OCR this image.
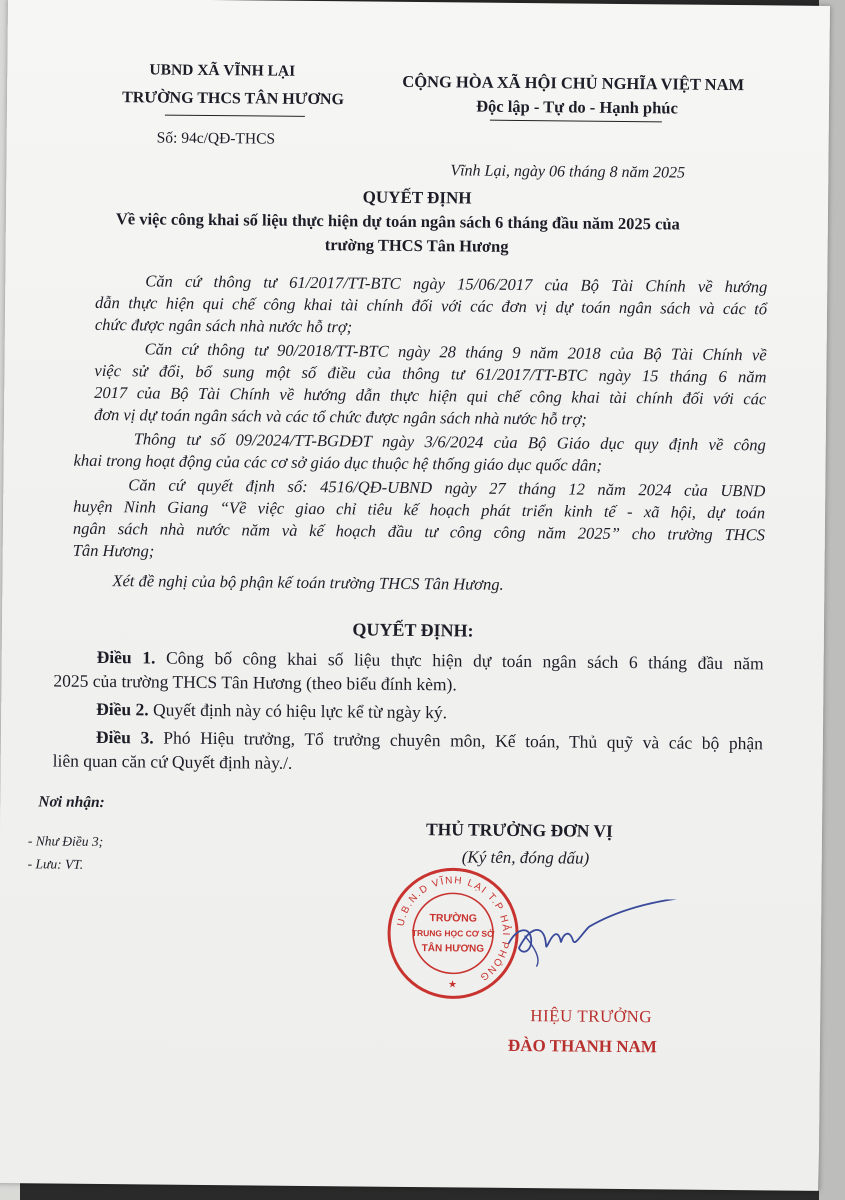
UBND XÃ VĨNH LẠI
TRƯỜNG THCS TÂN HƯƠNG
Số: 94c/QĐ-THCS
CỘNG HÒA XÃ HỘI CHỦ NGHĨA VIỆT NAM
Độc lập - Tự do - Hạnh phúc
Vĩnh Lại, ngày 06 tháng 8 năm 2025
QUYẾT ĐỊNH
Về việc công khai số liệu thực hiện dự toán ngân sách 6 tháng đầu năm 2025 của
trường THCS Tân Hương
Căn cứ thông tư 61/2017/TT-BTC ngày 15/06/2017 của Bộ Tài Chính về hướng
dẫn thực hiện qui chế công khai tài chính đối với các đơn vị dự toán ngân sách và các tổ
chức được ngân sách nhà nước hỗ trợ;
Căn cứ thông tư 90/2018/TT-BTC ngày 28 tháng 9 năm 2018 của Bộ Tài Chính về
việc sử đổi, bổ sung một số điều của thông tư 61/2017/TT-BTC ngày 15 tháng 6 năm
2017 của Bộ Tài Chính về hướng dẫn thực hiện qui chế công khai tài chính đối với các
đơn vị dự toán ngân sách và các tổ chức được ngân sách nhà nước hỗ trợ;
Thông tư số 09/2024/TT-BGDĐT ngày 3/6/2024 của Bộ Giáo dục quy định về công
khai trong hoạt động của các cơ sở giáo dục thuộc hệ thống giáo dục quốc dân;
Căn cứ quyết định số: 4516/QĐ-UBND ngày 27 tháng 12 năm 2024 của UBND
huyện Ninh Giang “Về việc giao chỉ tiêu kế hoạch phát triển kinh tế - xã hội, dự toán
ngân sách nhà nước năm và kế hoạch đầu tư công công năm 2025” cho trường THCS
Tân Hương;
Xét đề nghị của bộ phận kế toán trường THCS Tân Hương.
QUYẾT ĐỊNH:
Điều 1. Công bố công khai số liệu thực hiện dự toán ngân sách 6 tháng đầu năm
2025 của trường THCS Tân Hương (theo biểu đính kèm).
Điều 2. Quyết định này có hiệu lực kể từ ngày ký.
Điều 3. Phó Hiệu trưởng, Tổ trưởng chuyên môn, Kế toán, Thủ quỹ và các bộ phận
liên quan căn cứ Quyết định này./.
Nơi nhận:
- Như Điều 3;
- Lưu: VT.
THỦ TRƯỞNG ĐƠN VỊ
(Ký tên, đóng dấu)
U.B.N.D VĨNH LẠI T.P HẢI PHÒNG
TRƯỜNG
TRUNG HỌC CƠ SỞ
TÂN HƯƠNG
★
HIỆU TRƯỞNG
ĐÀO THANH NAM
